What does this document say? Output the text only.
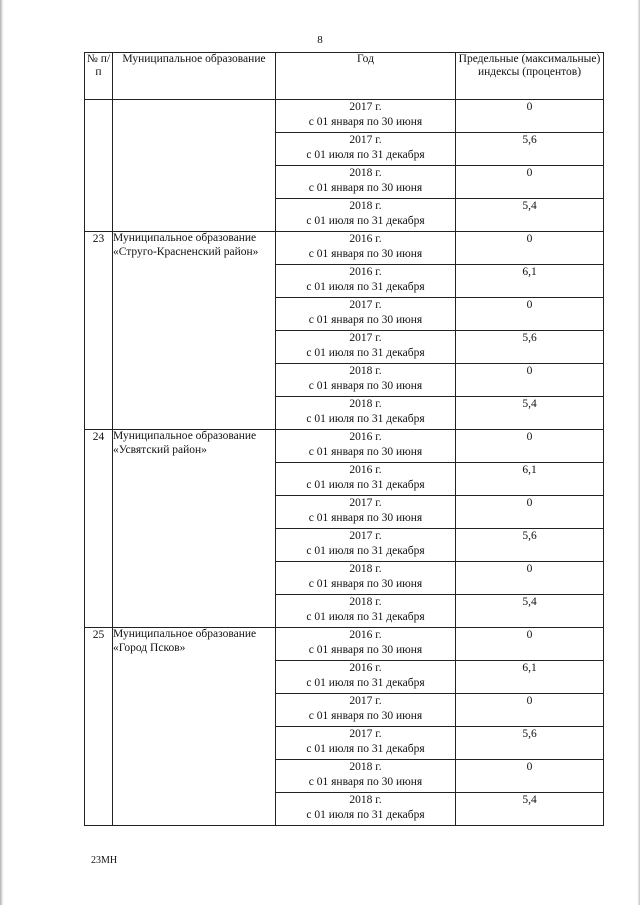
8
№ п/п	Муниципальное образование	Год	Предельные (максимальные) индексы (процентов)

		2017 г.
с 01 января по 30 июня	0

		2017 г.
с 01 июля по 31 декабря	5,6

		2018 г.
с 01 января по 30 июня	0

		2018 г.
с 01 июля по 31 декабря	5,4
23	Муниципальное образование «Струго-Красненский район»	2016 г.
с 01 января по 30 июня	0

		2016 г.
с 01 июля по 31 декабря	6,1

		2017 г.
с 01 января по 30 июня	0

		2017 г.
с 01 июля по 31 декабря	5,6

		2018 г.
с 01 января по 30 июня	0

		2018 г.
с 01 июля по 31 декабря	5,4
24	Муниципальное образование «Усвятский район»	2016 г.
с 01 января по 30 июня	0

		2016 г.
с 01 июля по 31 декабря	6,1

		2017 г.
с 01 января по 30 июня	0

		2017 г.
с 01 июля по 31 декабря	5,6

		2018 г.
с 01 января по 30 июня	0

		2018 г.
с 01 июля по 31 декабря	5,4
25	Муниципальное образование «Город Псков»	2016 г.
с 01 января по 30 июня	0

		2016 г.
с 01 июля по 31 декабря	6,1

		2017 г.
с 01 января по 30 июня	0

		2017 г.
с 01 июля по 31 декабря	5,6

		2018 г.
с 01 января по 30 июня	0

		2018 г.
с 01 июля по 31 декабря	5,4
23МН
